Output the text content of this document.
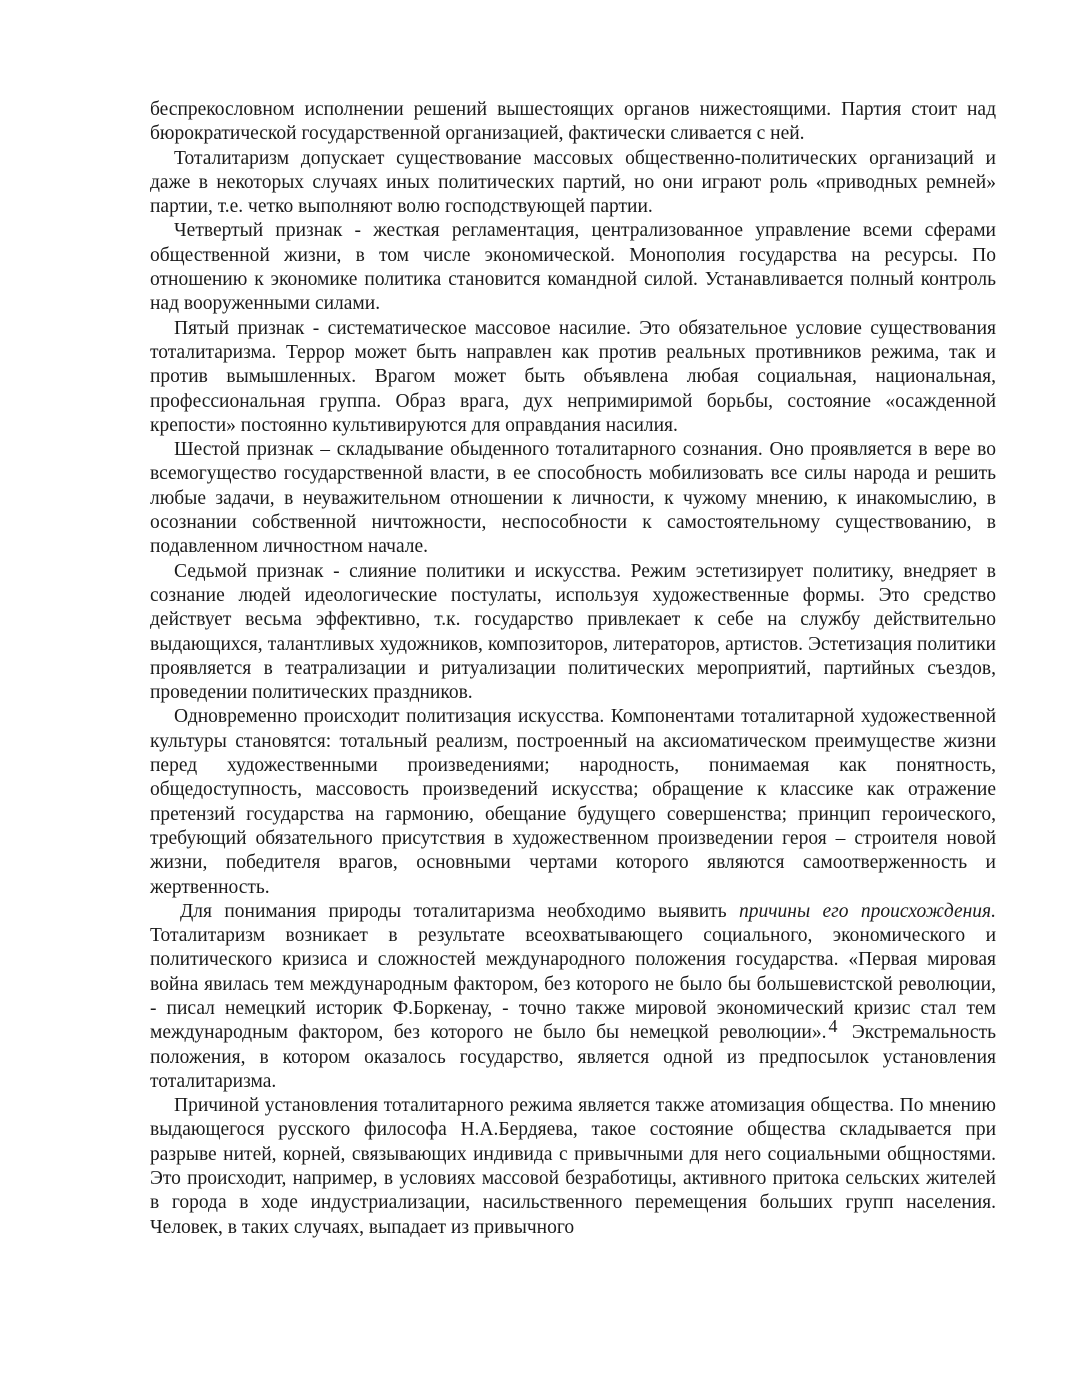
беспрекословном исполнении решений вышестоящих органов нижестоящими. Партия стоит над бюрократической государственной организацией, фактически сливается с ней.

Тоталитаризм допускает существование массовых общественно-политических организаций и даже в некоторых случаях иных политических партий, но они играют роль «приводных ремней» партии, т.е. четко выполняют волю господствующей партии.

Четвертый признак - жесткая регламентация, централизованное управление всеми сферами общественной жизни, в том числе экономической. Монополия государства на ресурсы. По отношению к экономике политика становится командной силой. Устанавливается полный контроль над вооруженными силами.

Пятый признак - систематическое массовое насилие. Это обязательное условие существования тоталитаризма. Террор может быть направлен как против реальных противников режима, так и против вымышленных. Врагом может быть объявлена любая социальная, национальная, профессиональная группа. Образ врага, дух непримиримой борьбы, состояние «осажденной крепости» постоянно культивируются для оправдания насилия.

Шестой признак – складывание обыденного тоталитарного сознания. Оно проявляется в вере во всемогущество государственной власти, в ее способность мобилизовать все силы народа и решить любые задачи, в неуважительном отношении к личности, к чужому мнению, к инакомыслию, в осознании собственной ничтожности, неспособности к самостоятельному существованию, в подавленном личностном начале.

Седьмой признак - слияние политики и искусства. Режим эстетизирует политику, внедряет в сознание людей идеологические постулаты, используя художественные формы. Это средство действует весьма эффективно, т.к. государство привлекает к себе на службу действительно выдающихся, талантливых художников, композиторов, литераторов, артистов. Эстетизация политики проявляется в театрализации и ритуализации политических мероприятий, партийных съездов, проведении политических праздников.

Одновременно происходит политизация искусства. Компонентами тоталитарной художественной культуры становятся: тотальный реализм, построенный на аксиоматическом преимуществе жизни перед художественными произведениями; народность, понимаемая как понятность, общедоступность, массовость произведений искусства; обращение к классике как отражение претензий государства на гармонию, обещание будущего совершенства; принцип героического, требующий обязательного присутствия в художественном произведении героя – строителя новой жизни, победителя врагов, основными чертами которого являются самоотверженность и жертвенность.

Для понимания природы тоталитаризма необходимо выявить причины его происхождения. Тоталитаризм возникает в результате всеохватывающего социального, экономического и политического кризиса и сложностей международного положения государства. «Первая мировая война явилась тем международным фактором, без которого не было бы большевистской революции, - писал немецкий историк Ф.Боркенау, - точно также мировой экономический кризис стал тем международным фактором, без которого не было бы немецкой революции». 4 Экстремальность положения, в котором оказалось государство, является одной из предпосылок установления тоталитаризма.

Причиной установления тоталитарного режима является также атомизация общества. По мнению выдающегося русского философа Н.А.Бердяева, такое состояние общества складывается при разрыве нитей, корней, связывающих индивида с привычными для него социальными общностями. Это происходит, например, в условиях массовой безработицы, активного притока сельских жителей в города в ходе индустриализации, насильственного перемещения больших групп населения. Человек, в таких случаях, выпадает из привычного
